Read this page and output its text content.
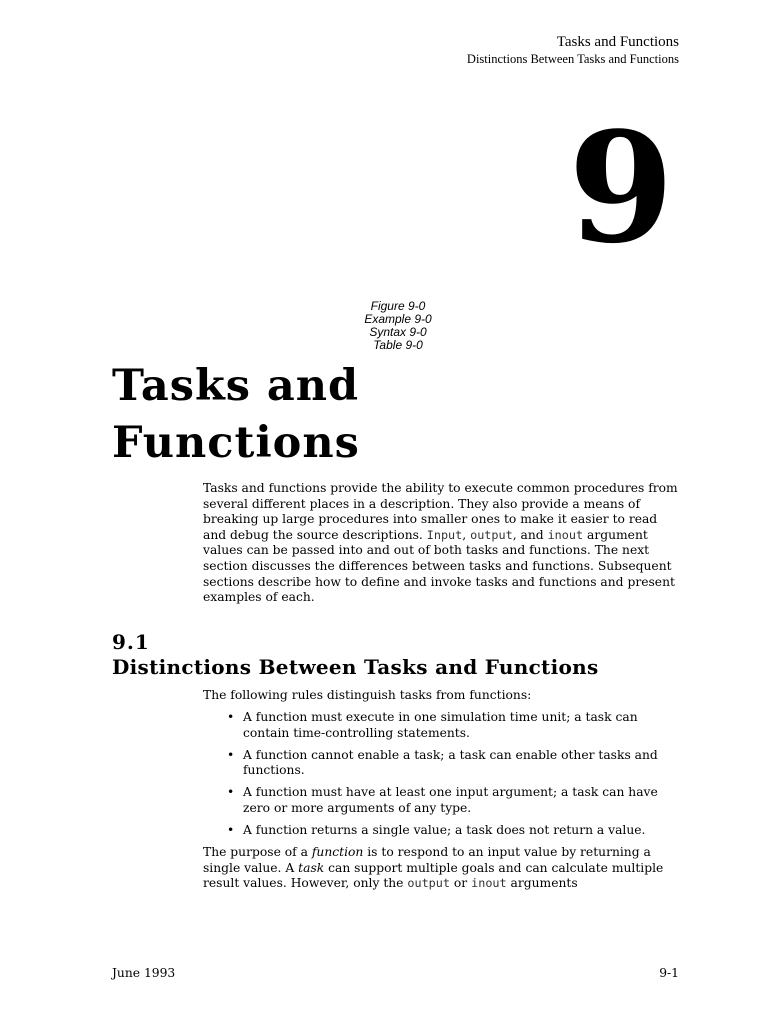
Tasks and Functions
Distinctions Between Tasks and Functions
9
Figure 9-0
Example 9-0
Syntax 9-0
Table 9-0
Tasks and
Functions
Tasks and functions provide the ability to execute common procedures from several different places in a description. They also provide a means of breaking up large procedures into smaller ones to make it easier to read and debug the source descriptions. Input, output, and inout argument values can be passed into and out of both tasks and functions. The next section discusses the differences between tasks and functions. Subsequent sections describe how to define and invoke tasks and functions and present examples of each.
9.1
Distinctions Between Tasks and Functions
The following rules distinguish tasks from functions:
• A function must execute in one simulation time unit; a task can contain time-controlling statements.
• A function cannot enable a task; a task can enable other tasks and functions.
• A function must have at least one input argument; a task can have zero or more arguments of any type.
• A function returns a single value; a task does not return a value.
The purpose of a function is to respond to an input value by returning a single value. A task can support multiple goals and can calculate multiple result values. However, only the output or inout arguments
June 1993	9-1
